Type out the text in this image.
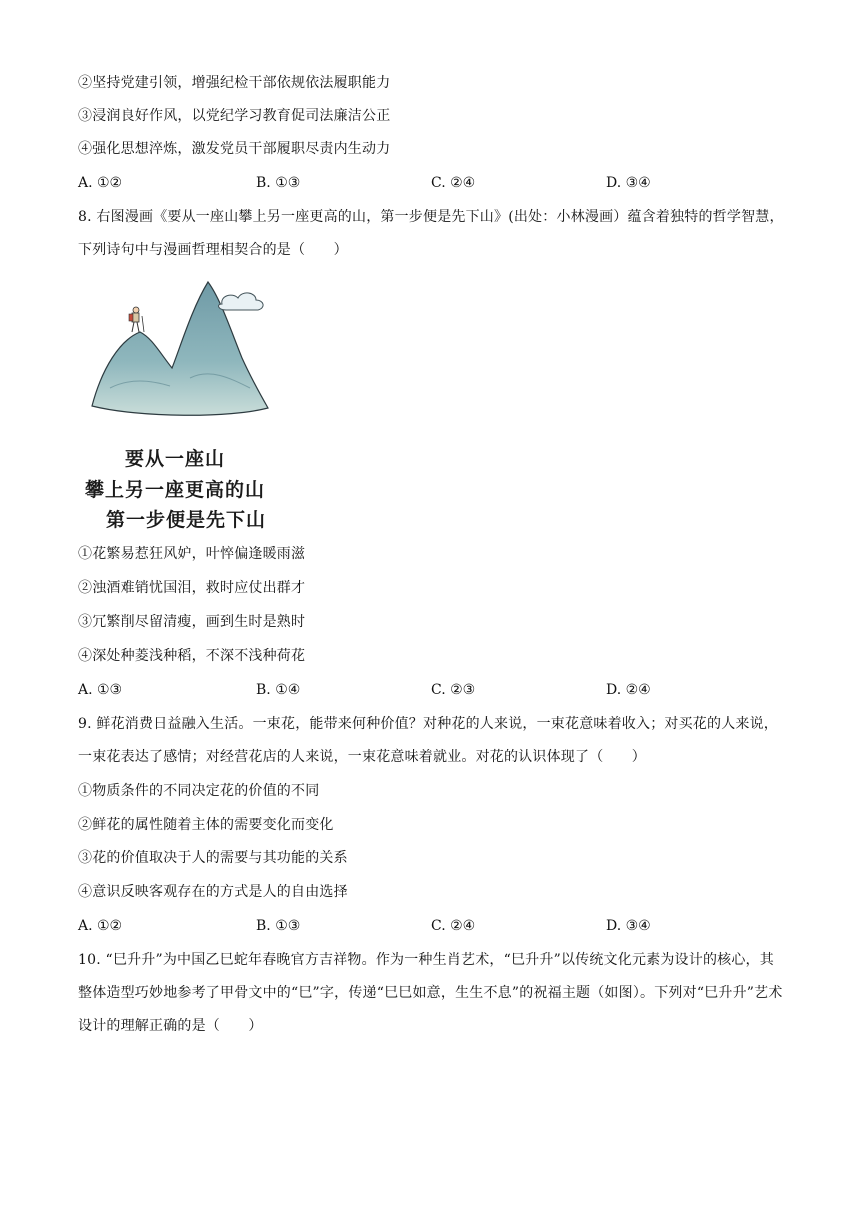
②坚持党建引领，增强纪检干部依规依法履职能力
③浸润良好作风，以党纪学习教育促司法廉洁公正
④强化思想淬炼，激发党员干部履职尽责内生动力
A. ①②	B. ①③	C. ②④	D. ③④
8. 右图漫画《要从一座山攀上另一座更高的山，第一步便是先下山》(出处：小林漫画）蕴含着独特的哲学智慧，下列诗句中与漫画哲理相契合的是（　　）
要从一座山
攀上另一座更高的山
第一步便是先下山
①花繁易惹狂风妒，叶悴偏逢暖雨滋
②浊酒难销忧国泪，救时应仗出群才
③冗繁削尽留清瘦，画到生时是熟时
④深处种菱浅种稻，不深不浅种荷花
A. ①③	B. ①④	C. ②③	D. ②④
9. 鲜花消费日益融入生活。一束花，能带来何种价值？对种花的人来说，一束花意味着收入；对买花的人来说，一束花表达了感情；对经营花店的人来说，一束花意味着就业。对花的认识体现了（　　）
①物质条件的不同决定花的价值的不同
②鲜花的属性随着主体的需要变化而变化
③花的价值取决于人的需要与其功能的关系
④意识反映客观存在的方式是人的自由选择
A. ①②	B. ①③	C. ②④	D. ③④
10. “巳升升”为中国乙巳蛇年春晚官方吉祥物。作为一种生肖艺术，“巳升升”以传统文化元素为设计的核心，其整体造型巧妙地参考了甲骨文中的“巳”字，传递“巳巳如意，生生不息”的祝福主题（如图）。下列对“巳升升”艺术设计的理解正确的是（　　）
